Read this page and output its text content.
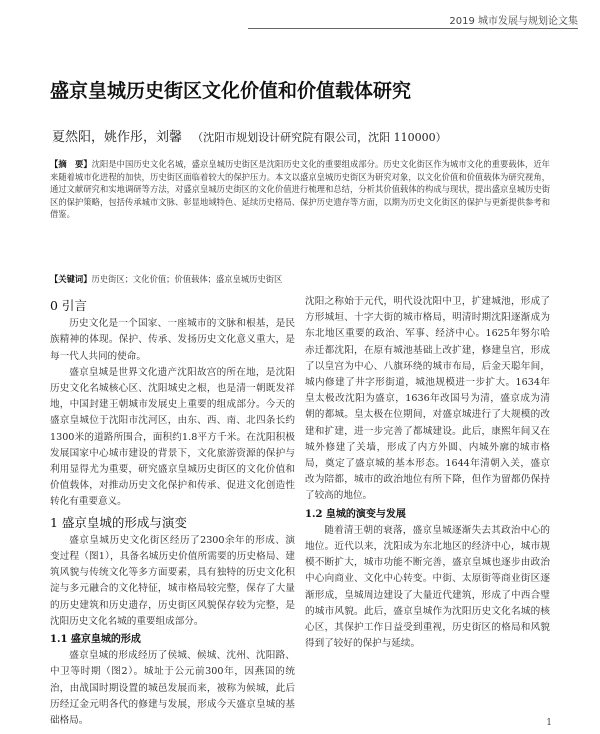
2019 城市发展与规划论文集
盛京皇城历史街区文化价值和价值载体研究
夏然阳，姚作彤，刘馨 （沈阳市规划设计研究院有限公司，沈阳 110000）
【摘　要】沈阳是中国历史文化名城，盛京皇城历史街区是沈阳历史文化的重要组成部分。历史文化街区作为城市文化的重要载体，近年来随着城市化进程的加快，历史街区面临着较大的保护压力。本文以盛京皇城历史街区为研究对象，以文化价值和价值载体为研究视角，通过文献研究和实地调研等方法，对盛京皇城历史街区的文化价值进行梳理和总结，分析其价值载体的构成与现状，提出盛京皇城历史街区的保护策略，包括传承城市文脉、彰显地域特色、延续历史格局、保护历史遗存等方面，以期为历史文化街区的保护与更新提供参考和借鉴。
【关键词】历史街区；文化价值；价值载体；盛京皇城历史街区
0 引言

历史文化是一个国家、一座城市的文脉和根基，是民族精神的体现。保护、传承、发扬历史文化意义重大，是每一代人共同的使命。

盛京皇城是世界文化遗产沈阳故宫的所在地，是沈阳历史文化名城核心区、沈阳城史之根，也是清一朝既发祥地，中国封建王朝城市发展史上重要的组成部分。今天的盛京皇城位于沈阳市沈河区，由东、西、南、北四条长约1300米的道路所围合，面积约1.8平方千米。在沈阳积极发展国家中心城市建设的背景下，文化旅游资源的保护与利用显得尤为重要，研究盛京皇城历史街区的文化价值和价值载体，对推动历史文化保护和传承、促进文化创造性转化有重要意义。

1 盛京皇城的形成与演变

盛京皇城历史文化街区经历了2300余年的形成、演变过程（图1），具备名城历史价值所需要的历史格局、建筑风貌与传统文化等多方面要素，具有独特的历史文化积淀与多元融合的文化特征，城市格局较完整，保存了大量的历史建筑和历史遗存，历史街区风貌保存较为完整，是沈阳历史文化名城的重要组成部分。

1.1 盛京皇城的形成

盛京皇城的形成经历了侯城、候城、沈州、沈阳路、中卫等时期（图2）。城址于公元前300年，因燕国的统治，由战国时期设置的城邑发展而来，被称为候城，此后历经辽金元明各代的修建与发展，形成今天盛京皇城的基础格局。

沈阳之称始于元代，明代设沈阳中卫，扩建城池，形成了方形城垣、十字大街的城市格局，明清时期沈阳逐渐成为东北地区重要的政治、军事、经济中心。1625年努尔哈赤迁都沈阳，在原有城池基础上改扩建，修建皇宫，形成了以皇宫为中心、八旗环绕的城市布局，后金天聪年间，城内修建了井字形街道，城池规模进一步扩大。1634年皇太极改沈阳为盛京，1636年改国号为清，盛京成为清朝的都城。皇太极在位期间，对盛京城进行了大规模的改建和扩建，进一步完善了都城建设。此后，康熙年间又在城外修建了关墙，形成了内方外圆、内城外廓的城市格局，奠定了盛京城的基本形态。1644年清朝入关，盛京改为陪都，城市的政治地位有所下降，但作为留都仍保持了较高的地位。

1.2 皇城的演变与发展

随着清王朝的衰落，盛京皇城逐渐失去其政治中心的地位。近代以来，沈阳成为东北地区的经济中心，城市规模不断扩大，城市功能不断完善，盛京皇城也逐步由政治中心向商业、文化中心转变。中街、太原街等商业街区逐渐形成，皇城周边建设了大量近代建筑，形成了中西合璧的城市风貌。此后，盛京皇城作为沈阳历史文化名城的核心区，其保护工作日益受到重视，历史街区的格局和风貌得到了较好的保护与延续。

1
